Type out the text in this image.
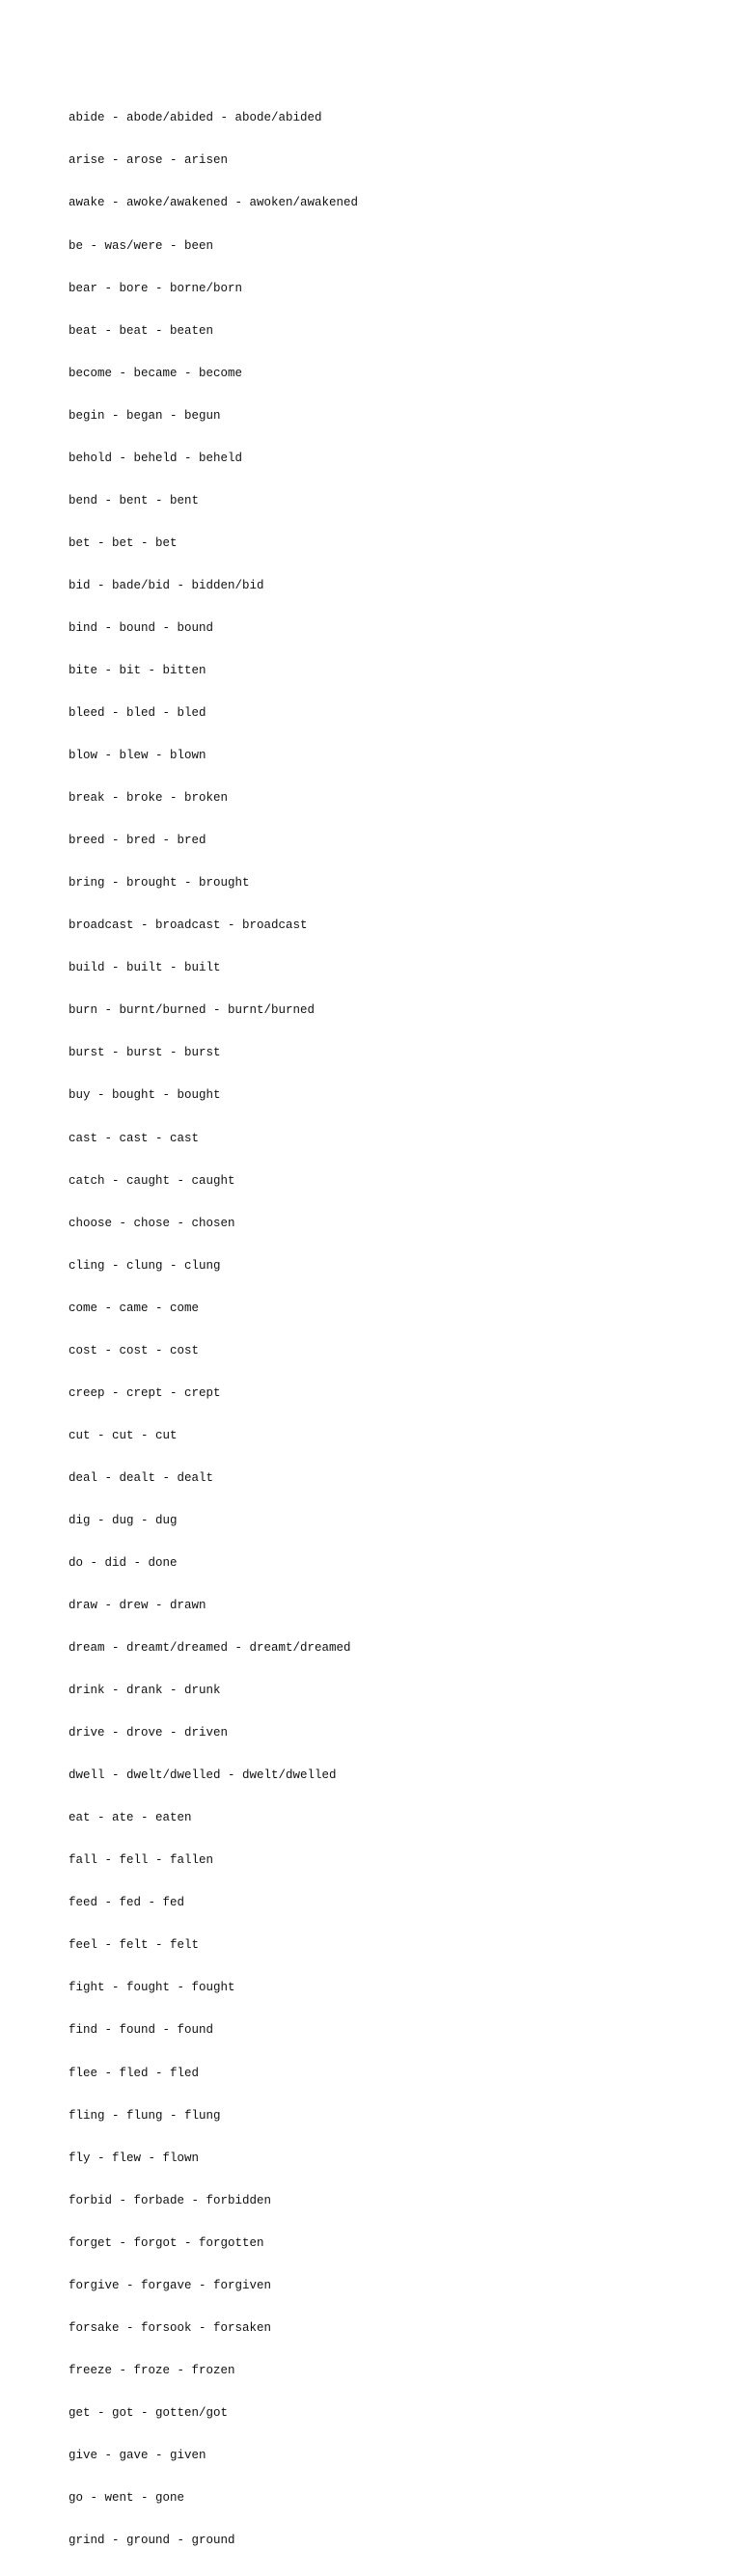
abide - abode/abided - abode/abided

arise - arose - arisen

awake - awoke/awakened - awoken/awakened

be - was/were - been

bear - bore - borne/born

beat - beat - beaten

become - became - become

begin - began - begun

behold - beheld - beheld

bend - bent - bent

bet - bet - bet

bid - bade/bid - bidden/bid

bind - bound - bound

bite - bit - bitten

bleed - bled - bled

blow - blew - blown

break - broke - broken

breed - bred - bred

bring - brought - brought

broadcast - broadcast - broadcast

build - built - built

burn - burnt/burned - burnt/burned

burst - burst - burst

buy - bought - bought

cast - cast - cast

catch - caught - caught

choose - chose - chosen

cling - clung - clung

come - came - come

cost - cost - cost

creep - crept - crept

cut - cut - cut

deal - dealt - dealt

dig - dug - dug

do - did - done

draw - drew - drawn

dream - dreamt/dreamed - dreamt/dreamed

drink - drank - drunk

drive - drove - driven

dwell - dwelt/dwelled - dwelt/dwelled

eat - ate - eaten

fall - fell - fallen

feed - fed - fed

feel - felt - felt

fight - fought - fought

find - found - found

flee - fled - fled

fling - flung - flung

fly - flew - flown

forbid - forbade - forbidden

forget - forgot - forgotten

forgive - forgave - forgiven

forsake - forsook - forsaken

freeze - froze - frozen

get - got - gotten/got

give - gave - given

go - went - gone

grind - ground - ground
